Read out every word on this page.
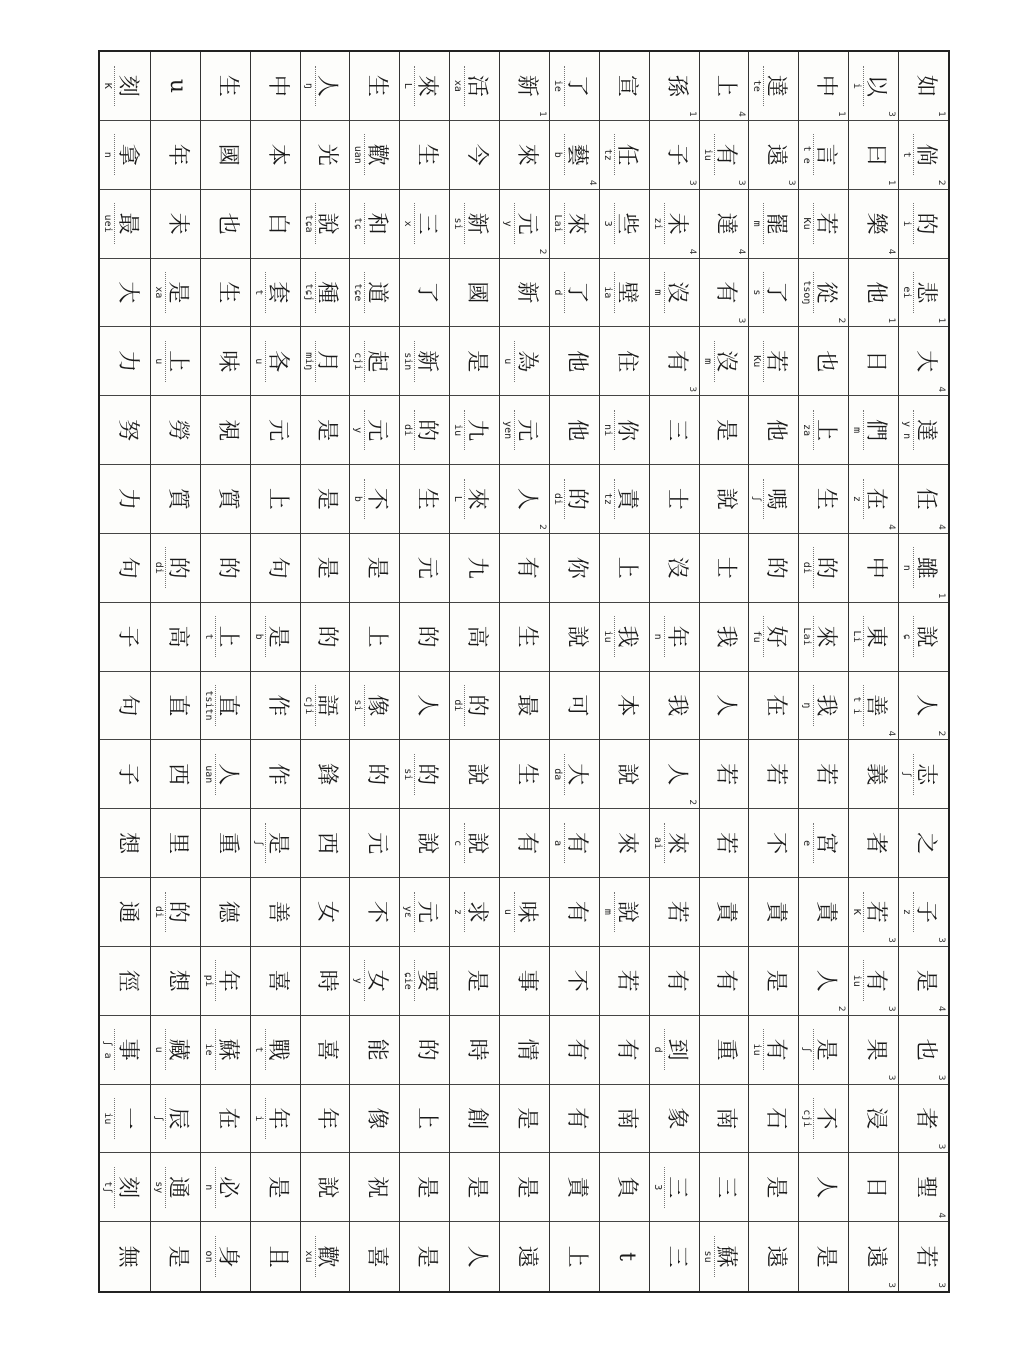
1
如
2
倘
t
的
i
1
悲
ei
4
大
達
y n
4
任
1
雖
n
說
ɕ
2
人
志
ʃ
之
3
子
z
4
是
3
也
3
者
4
聖
3
若
3
以
i
1
曰
4
樂
1
他
日
們
m
4
在
z
中
東
Li
4
善
t i
義
者
3
若
K
3
有
iu
3
果
浸
日
3
遠
1
中
言
t e
若
Ku
2
從
tsoŋ
也
上
za
生
的
di
來
Lai
我
ŋ
若
宮
e
責
2
人
是
ʃ
不
cji
人
是
達
te
3
遠
罷
m
了
s
若
Ku
他
嗎
ʃ
的
好
fu
在
若
不
責
是
有
iu
石
是
遠
4
上
3
有
iu
4
達
3
有
沒
m
是
說
士
我
人
若
若
責
有
重
南
三
蘇
su
1
孫
3
子
4
未
zi
沒
m
3
有
三
士
沒
年
n
我
2
人
來
ai
若
有
到
d
象
三
3
三
宣
任
tz
些
3
壁
ia
住
你
ni
責
tz
上
我
iu
本
說
來
說
m
若
有
南
負
t
了
ie
4
藝
b
來
Lai
了
d
他
他
的
di
你
說
可
大
da
有
a
有
不
有
有
責
上
1
新
來
2
元
y
新
為
u
元
yen
2
人
有
生
最
生
有
味
u
事
情
是
是
遠
活
xa
今
新
si
國
是
九
iu
來
L
九
高
的
di
說
說
c
求
z
是
時
創
是
人
來
L
生
三
x
了
新
sin
的
di
生
元
的
人
的
si
說
元
yɛ
要
ɕie
的
上
是
是
生
歡
uan
和
tɕ
道
tɕe
起
cji
元
y
不
b
是
上
像
si
的
元
不
女
y
能
像
祝
喜
人
ŋ
光
說
tɕa
種
tɕj
月
miŋ
是
是
是
的
語
cji
鋒
西
女
時
喜
年
說
歡
xu
中
本
白
套
t
各
u
元
上
句
是
b
作
作
是
ʃ
善
喜
戰
t
年
i
是
且
生
國
也
生
味
視
質
的
上
t
直
tsitn
人
uan
重
德
年
pi
蘇
ie
在
必
n
身
on
u
年
未
是
xa
上
u
勞
質
的
di
高
直
西
里
的
di
想
藏
u
辰
ʃ
通
sy
是
刻
K
拿
n
最
uei
大
力
努
力
句
子
句
子
想
通
徑
事
ʃ a
一
iu
刻
tʃ
無
